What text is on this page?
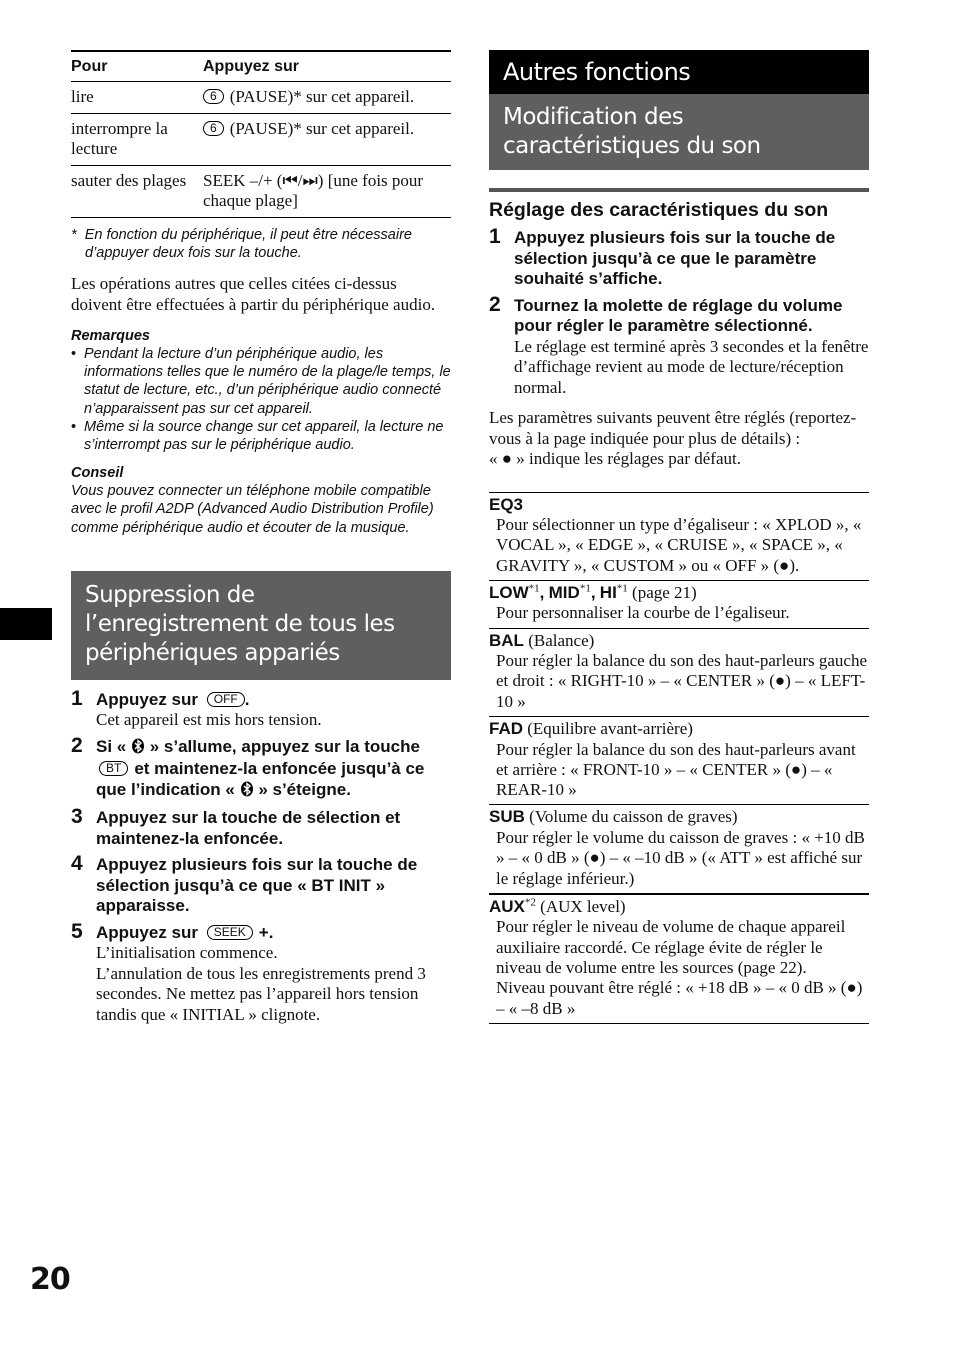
Pour	Appuyez sur
lire	6 (PAUSE)* sur cet appareil.
interrompre la lecture	6 (PAUSE)* sur cet appareil.
sauter des plages	SEEK –/+ (⏮/⏭) [une fois pour chaque plage]
* En fonction du périphérique, il peut être nécessaire d’appuyer deux fois sur la touche.

Les opérations autres que celles citées ci-dessus doivent être effectuées à partir du périphérique audio.

Remarques
• Pendant la lecture d’un périphérique audio, les informations telles que le numéro de la plage/le temps, le statut de lecture, etc., d’un périphérique audio connecté n’apparaissent pas sur cet appareil.
• Même si la source change sur cet appareil, la lecture ne s’interrompt pas sur le périphérique audio.
Conseil
Vous pouvez connecter un téléphone mobile compatible avec le profil A2DP (Advanced Audio Distribution Profile) comme périphérique audio et écouter de la musique.
Suppression de l’enregistrement de tous les périphériques appariés
1 Appuyez sur OFF .
Cet appareil est mis hors tension.
2 Si « » s’allume, appuyez sur la touche BT et maintenez-la enfoncée jusqu’à ce que l’indication « » s’éteigne.
3 Appuyez sur la touche de sélection et maintenez-la enfoncée.
4 Appuyez plusieurs fois sur la touche de sélection jusqu’à ce que « BT INIT » apparaisse.
5 Appuyez sur SEEK +.
L’initialisation commence.
L’annulation de tous les enregistrements prend 3 secondes. Ne mettez pas l’appareil hors tension tandis que « INITIAL » clignote.
Autres fonctions
Modification des caractéristiques du son
Réglage des caractéristiques du son
1 Appuyez plusieurs fois sur la touche de sélection jusqu’à ce que le paramètre souhaité s’affiche.
2 Tournez la molette de réglage du volume pour régler le paramètre sélectionné.
Le réglage est terminé après 3 secondes et la fenêtre d’affichage revient au mode de lecture/réception normal.

Les paramètres suivants peuvent être réglés (reportez-vous à la page indiquée pour plus de détails) :

« ● » indique les réglages par défaut.

EQ3
Pour sélectionner un type d’égaliseur : « XPLOD », « VOCAL », « EDGE », « CRUISE », « SPACE », « GRAVITY », « CUSTOM » ou « OFF » (●).
LOW$^{*1}$, MID$^{*1}$, HI$^{*1}$ (page 21)
Pour personnaliser la courbe de l’égaliseur.
BAL (Balance)
Pour régler la balance du son des haut-parleurs gauche et droit : « RIGHT-10 » – « CENTER » (●) – « LEFT-10 »
FAD (Equilibre avant-arrière)
Pour régler la balance du son des haut-parleurs avant et arrière : « FRONT-10 » – « CENTER » (●) – « REAR-10 »
SUB (Volume du caisson de graves)
Pour régler le volume du caisson de graves : « +10 dB » – « 0 dB » (●) – « –10 dB » (« ATT » est affiché sur le réglage inférieur.)
AUX$^{*2}$ (AUX level)
Pour régler le niveau de volume de chaque appareil auxiliaire raccordé. Ce réglage évite de régler le niveau de volume entre les sources (page 22).
Niveau pouvant être réglé : « +18 dB » – « 0 dB » (●) – « –8 dB »
20
